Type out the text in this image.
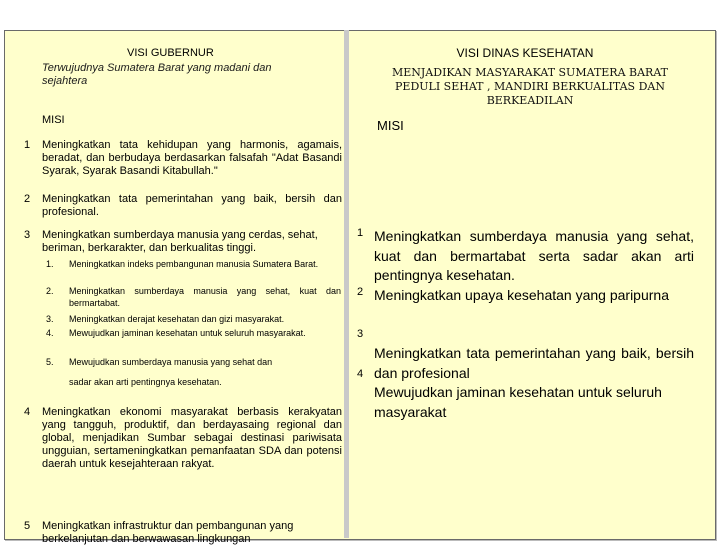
VISI GUBERNUR

Terwujudnya Sumatera Barat yang madani dan sejahtera

MISI

1 Meningkatkan tata kehidupan yang harmonis, agamais, beradat, dan berbudaya berdasarkan falsafah "Adat Basandi Syarak, Syarak Basandi Kitabullah."

2 Meningkatkan tata pemerintahan yang baik, bersih dan profesional.

3 Meningkatkan sumberdaya manusia yang cerdas, sehat, beriman, berkarakter, dan berkualitas tinggi.

1. Meningkatkan indeks pembangunan manusia Sumatera Barat.

2. Meningkatkan sumberdaya manusia yang sehat, kuat dan bermartabat.

3. Meningkatkan derajat kesehatan dan gizi masyarakat.

4. Mewujudkan jaminan kesehatan untuk seluruh masyarakat.

5. Mewujudkan sumberdaya manusia yang sehat dan

sadar akan arti pentingnya kesehatan.

4 Meningkatkan ekonomi masyarakat berbasis kerakyatan yang tangguh, produktif, dan berdayasaing regional dan global, menjadikan Sumbar sebagai destinasi pariwisata ungguian, sertameningkatkan pemanfaatan SDA dan potensi daerah untuk kesejahteraan rakyat.

5 Meningkatkan infrastruktur dan pembangunan yang berkelanjutan dan berwawasan lingkungan

VISI DINAS KESEHATAN

MENJADIKAN MASYARAKAT SUMATERA BARAT PEDULI SEHAT , MANDIRI BERKUALITAS DAN BERKEADILAN

MISI

1 Meningkatkan sumberdaya manusia yang sehat, kuat dan bermartabat serta sadar akan arti pentingnya kesehatan.

2 Meningkatkan upaya kesehatan yang paripurna

3

Meningkatkan tata pemerintahan yang baik, bersih dan profesional

4

Mewujudkan jaminan kesehatan untuk seluruh masyarakat
